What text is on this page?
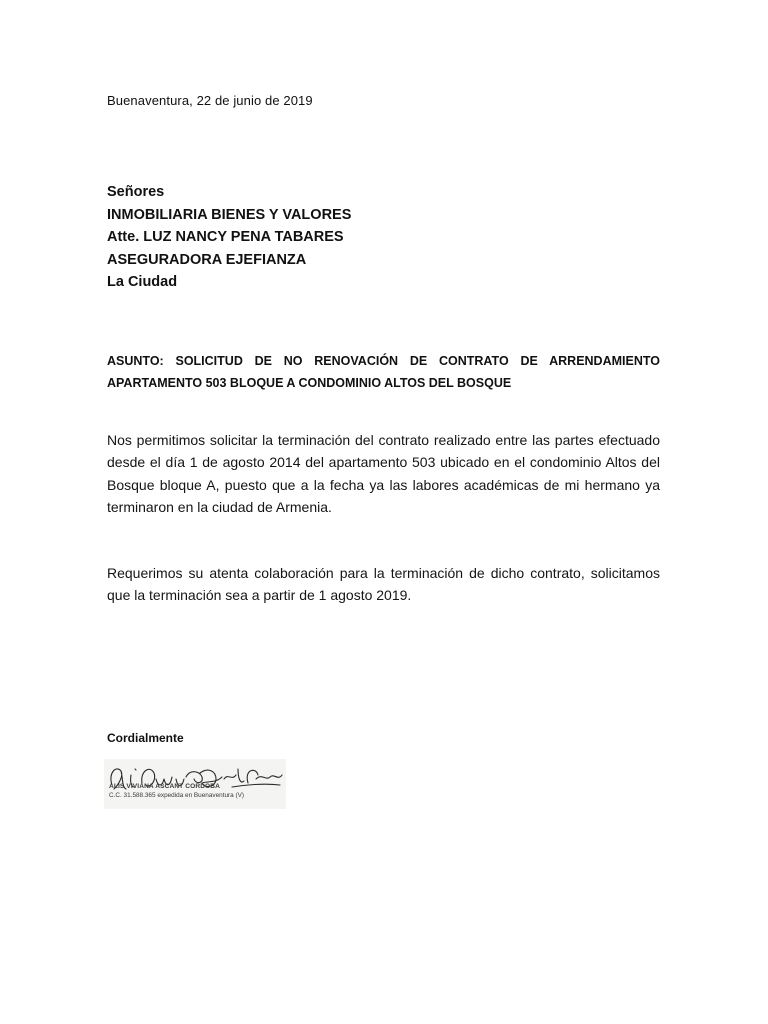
Buenaventura, 22 de junio de 2019
Señores
INMOBILIARIA BIENES Y VALORES
Atte. LUZ NANCY PENA TABARES
ASEGURADORA EJEFIANZA
La Ciudad
ASUNTO: SOLICITUD DE NO RENOVACIÓN DE CONTRATO DE ARRENDAMIENTO APARTAMENTO 503 BLOQUE A CONDOMINIO ALTOS DEL BOSQUE
Nos permitimos solicitar la terminación del contrato realizado entre las partes efectuado desde el día 1 de agosto 2014 del apartamento 503 ubicado en el condominio Altos del Bosque bloque A, puesto que a la fecha ya las labores académicas de mi hermano ya terminaron en la ciudad de Armenia.
Requerimos su atenta colaboración para la terminación de dicho contrato, solicitamos que la terminación sea a partir de 1 agosto 2019.
Cordialmente
ALIS VIVIANA ASCANT CORDOBA
C.C. 31.588.365 expedida en Buenaventura (V)
